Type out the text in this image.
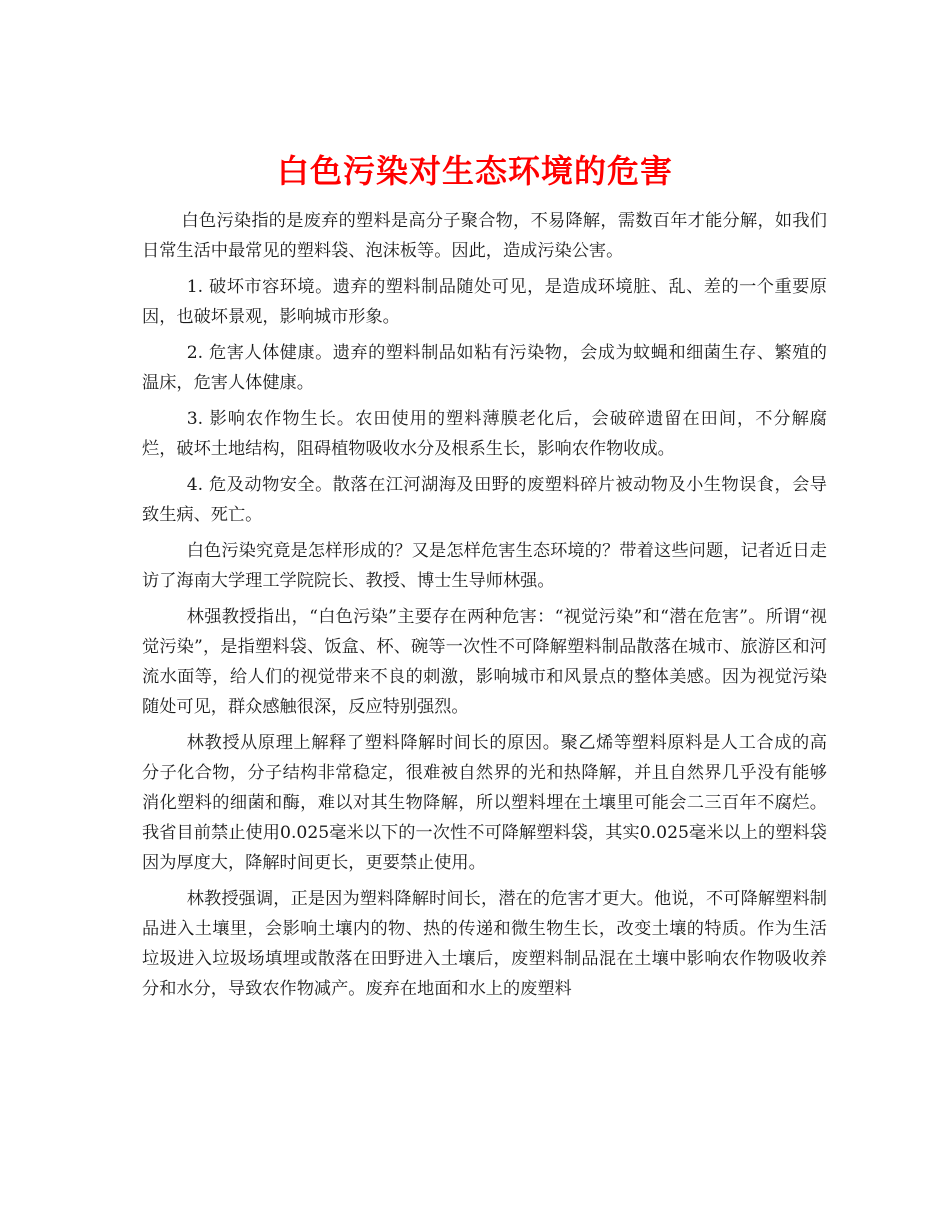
白色污染对生态环境的危害

白色污染指的是废弃的塑料是高分子聚合物，不易降解，需数百年才能分解，如我们日常生活中最常见的塑料袋、泡沫板等。因此，造成污染公害。

1. 破坏市容环境。遗弃的塑料制品随处可见，是造成环境脏、乱、差的一个重要原因，也破坏景观，影响城市形象。

2. 危害人体健康。遗弃的塑料制品如粘有污染物，会成为蚊蝇和细菌生存、繁殖的温床，危害人体健康。

3. 影响农作物生长。农田使用的塑料薄膜老化后，会破碎遗留在田间，不分解腐烂，破坏土地结构，阻碍植物吸收水分及根系生长，影响农作物收成。

4. 危及动物安全。散落在江河湖海及田野的废塑料碎片被动物及小生物误食，会导致生病、死亡。

白色污染究竟是怎样形成的？又是怎样危害生态环境的？带着这些问题，记者近日走访了海南大学理工学院院长、教授、博士生导师林强。

林强教授指出，“白色污染”主要存在两种危害：“视觉污染”和“潜在危害”。所谓“视觉污染”，是指塑料袋、饭盒、杯、碗等一次性不可降解塑料制品散落在城市、旅游区和河流水面等，给人们的视觉带来不良的刺激，影响城市和风景点的整体美感。因为视觉污染随处可见，群众感触很深，反应特别强烈。

林教授从原理上解释了塑料降解时间长的原因。聚乙烯等塑料原料是人工合成的高 分子化合物，分子结构非常稳定，很难被自然界的光和热降解，并且自然界几乎没有能够消化塑料的细菌和酶，难以对其生物降解，所以塑料埋在土壤里可能会二三百年不腐烂。我省目前禁止使用0.025毫米以下的一次性不可降解塑料袋，其实0.025毫米以上的塑料袋因为厚度大，降解时间更长，更要禁止使用。

林教授强调，正是因为塑料降解时间长，潜在的危害才更大。他说，不可降解塑料制品进入土壤里，会影响土壤内的物、热的传递和微生物生长，改变土壤的特质。作为生活垃圾进入垃圾场填埋或散落在田野进入土壤后，废塑料制品混在土壤中影响农作物吸收养分和水分，导致农作物减产。废弃在地面和水上的废塑料
